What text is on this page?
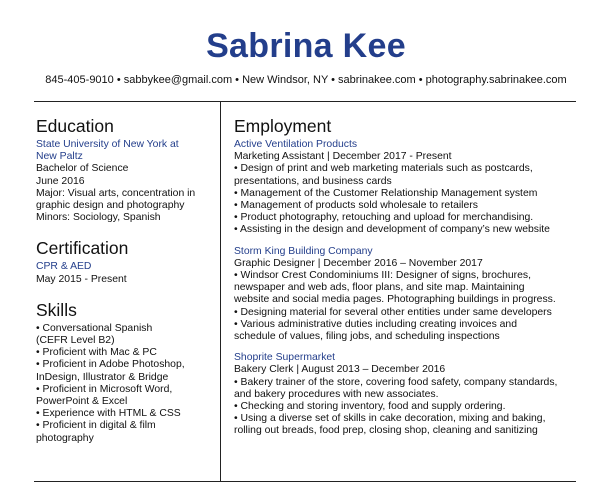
Sabrina Kee
845-405-9010 • sabbykee@gmail.com • New Windsor, NY • sabrinakee.com • photography.sabrinakee.com
Education
State University of New York at
New Paltz
Bachelor of Science
June 2016
Major: Visual arts, concentration in
graphic design and photography
Minors: Sociology, Spanish
Certification
CPR & AED
May 2015 - Present
Skills
• Conversational Spanish
(CEFR Level B2)
• Proficient with Mac & PC
• Proficient in Adobe Photoshop,
InDesign, Illustrator & Bridge
• Proficient in Microsoft Word,
PowerPoint & Excel
• Experience with HTML & CSS
• Proficient in digital & film
photography
Employment
Active Ventilation Products
Marketing Assistant | December 2017 - Present
• Design of print and web marketing materials such as postcards,
presentations, and business cards
• Management of the Customer Relationship Management system
• Management of products sold wholesale to retailers
• Product photography, retouching and upload for merchandising.
• Assisting in the design and development of company’s new website
Storm King Building Company
Graphic Designer | December 2016 – November 2017
• Windsor Crest Condominiums III: Designer of signs, brochures,
newspaper and web ads, floor plans, and site map. Maintaining
website and social media pages. Photographing buildings in progress.
• Designing material for several other entities under same developers
• Various administrative duties including creating invoices and
schedule of values, filing jobs, and scheduling inspections
Shoprite Supermarket
Bakery Clerk | August 2013 – December 2016
• Bakery trainer of the store, covering food safety, company standards,
and bakery procedures with new associates.
• Checking and storing inventory, food and supply ordering.
• Using a diverse set of skills in cake decoration, mixing and baking,
rolling out breads, food prep, closing shop, cleaning and sanitizing
